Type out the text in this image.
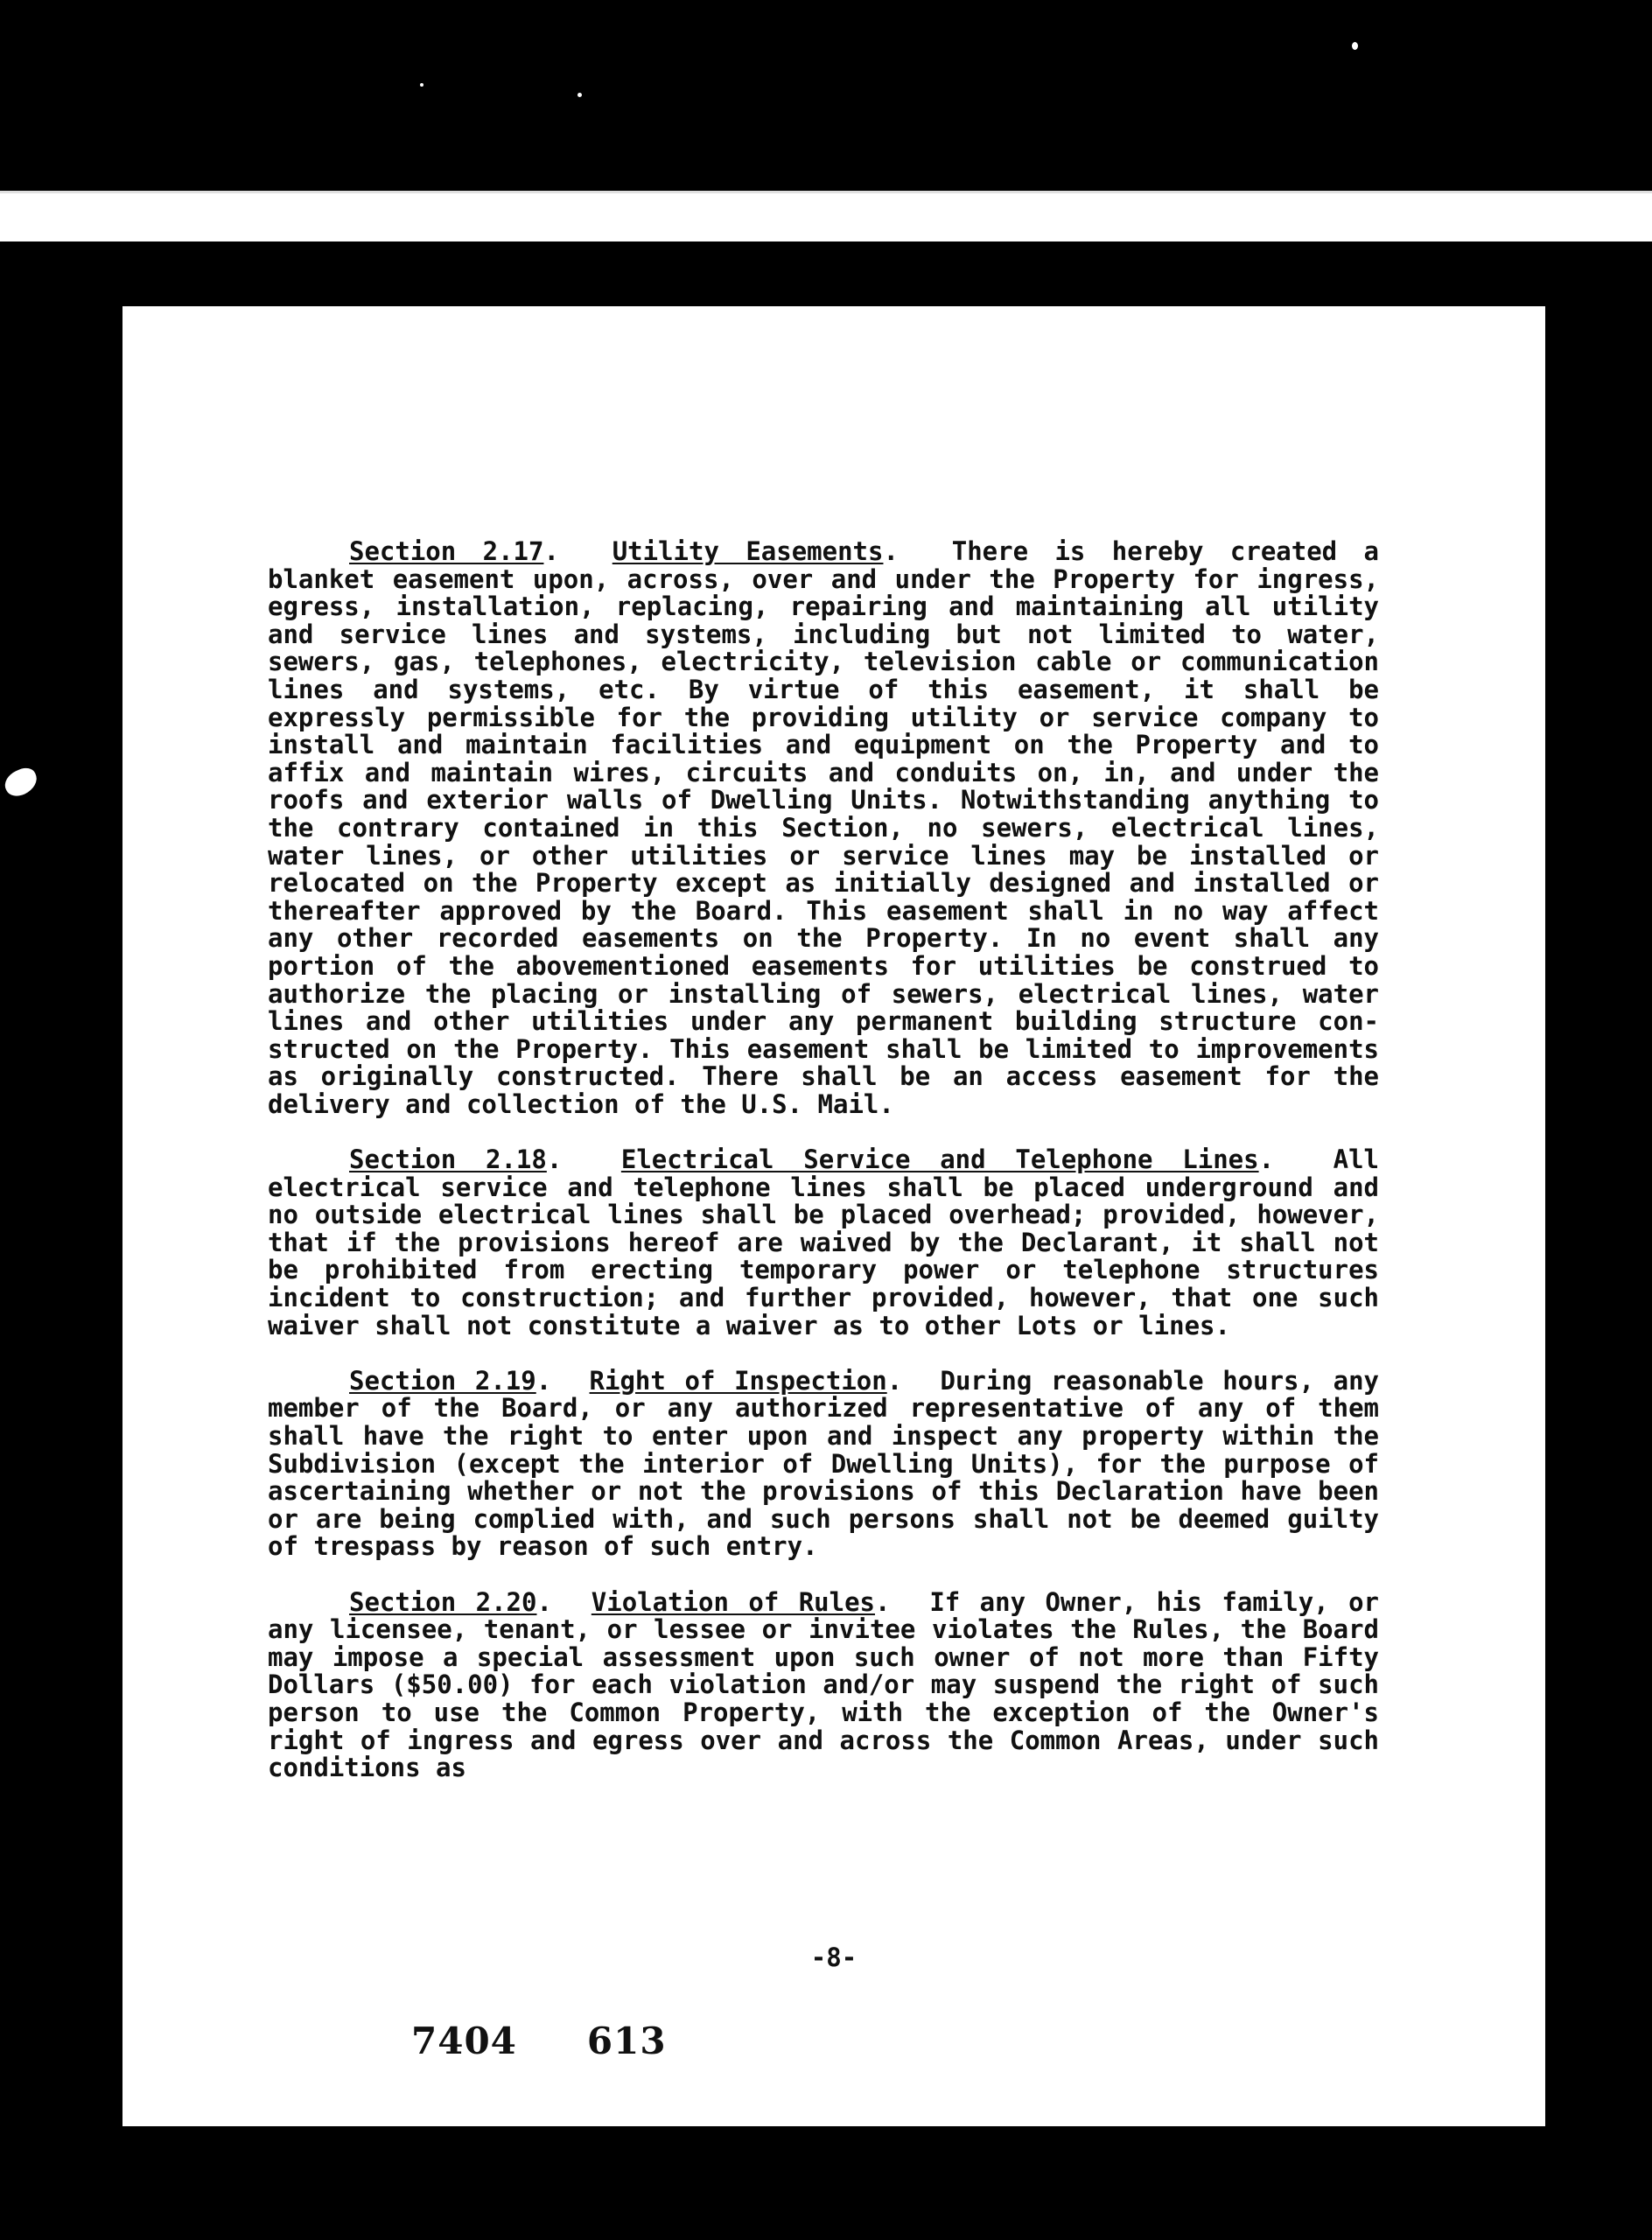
Section 2.17.  Utility Easements.  There is hereby created a blanket easement upon, across, over and under the Property for ingress, egress, installation, replacing, repairing and maintaining all utility and service lines and systems, including but not limited to water, sewers, gas, telephones, electricity, television cable or communication lines and systems, etc. By virtue of this easement, it shall be expressly permissible for the providing utility or service company to install and maintain facilities and equipment on the Property and to affix and maintain wires, circuits and conduits on, in, and under the roofs and exterior walls of Dwelling Units. Notwithstanding anything to the contrary contained in this Section, no sewers, electrical lines, water lines, or other utilities or service lines may be installed or relocated on the Property except as initially designed and installed or thereafter approved by the Board. This easement shall in no way affect any other recorded easements on the Property. In no event shall any portion of the abovementioned easements for utilities be construed to authorize the placing or installing of sewers, electrical lines, water lines and other utilities under any permanent building structure constructed on the Property. This easement shall be limited to improvements as originally constructed. There shall be an access easement for the delivery and collection of the U.S. Mail.

Section 2.18.  Electrical Service and Telephone Lines.  All electrical service and telephone lines shall be placed underground and no outside electrical lines shall be placed overhead; provided, however, that if the provisions hereof are waived by the Declarant, it shall not be prohibited from erecting temporary power or telephone structures incident to construction; and further provided, however, that one such waiver shall not constitute a waiver as to other Lots or lines.

Section 2.19.  Right of Inspection.  During reasonable hours, any member of the Board, or any authorized representative of any of them shall have the right to enter upon and inspect any property within the Subdivision (except the interior of Dwelling Units), for the purpose of ascertaining whether or not the provisions of this Declaration have been or are being complied with, and such persons shall not be deemed guilty of trespass by reason of such entry.

Section 2.20.  Violation of Rules.  If any Owner, his family, or any licensee, tenant, or lessee or invitee violates the Rules, the Board may impose a special assessment upon such owner of not more than Fifty Dollars ($50.00) for each violation and/or may suspend the right of such person to use the Common Property, with the exception of the Owner's right of ingress and egress over and across the Common Areas, under such conditions as

-8-
7404 613
